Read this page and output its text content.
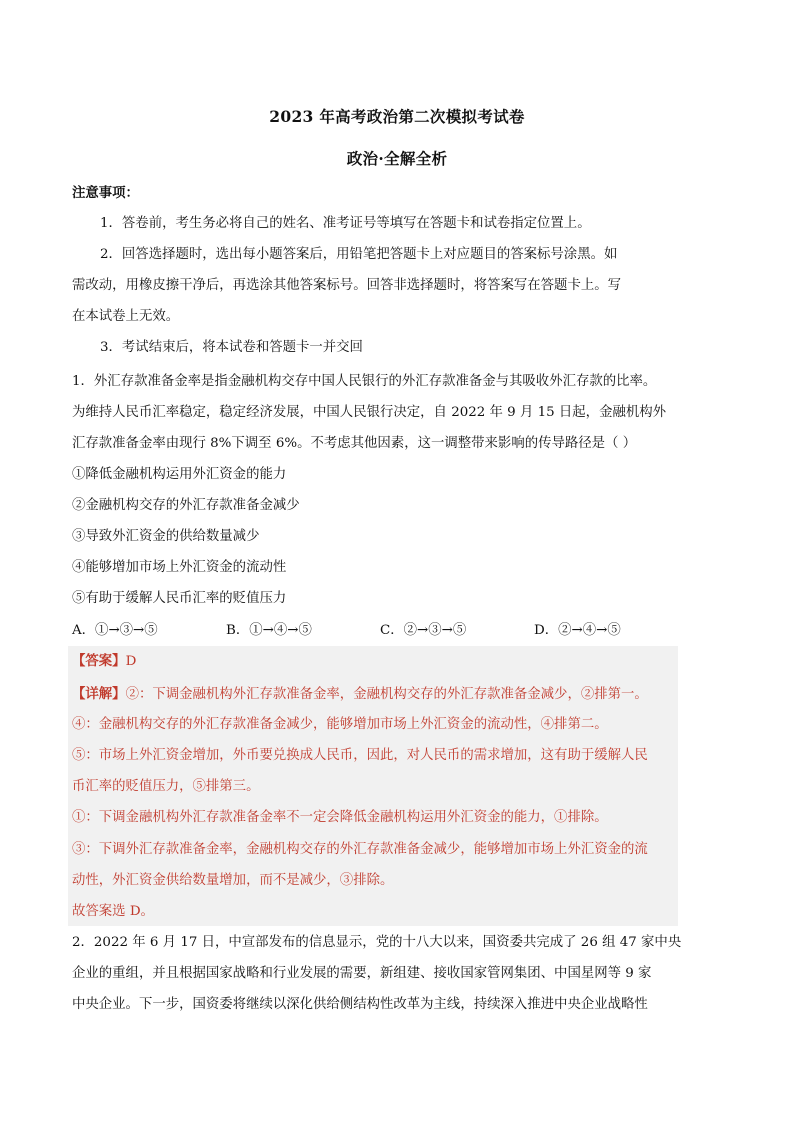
2023 年高考政治第二次模拟考试卷
政治·全解全析
注意事项：
1．答卷前，考生务必将自己的姓名、准考证号等填写在答题卡和试卷指定位置上。
2．回答选择题时，选出每小题答案后，用铅笔把答题卡上对应题目的答案标号涂黑。如
需改动，用橡皮擦干净后，再选涂其他答案标号。回答非选择题时，将答案写在答题卡上。写
在本试卷上无效。
3．考试结束后，将本试卷和答题卡一并交回
1．外汇存款准备金率是指金融机构交存中国人民银行的外汇存款准备金与其吸收外汇存款的比率。
为维持人民币汇率稳定，稳定经济发展，中国人民银行决定，自 2022 年 9 月 15 日起，金融机构外
汇存款准备金率由现行 8%下调至 6%。不考虑其他因素，这一调整带来影响的传导路径是（ ）
①降低金融机构运用外汇资金的能力
②金融机构交存的外汇存款准备金减少
③导致外汇资金的供给数量减少
④能够增加市场上外汇资金的流动性
⑤有助于缓解人民币汇率的贬值压力
A．①→③→⑤	B．①→④→⑤	C．②→③→⑤	D．②→④→⑤
【答案】D
【详解】②：下调金融机构外汇存款准备金率，金融机构交存的外汇存款准备金减少，②排第一。
④：金融机构交存的外汇存款准备金减少，能够增加市场上外汇资金的流动性，④排第二。
⑤：市场上外汇资金增加，外币要兑换成人民币，因此，对人民币的需求增加，这有助于缓解人民
币汇率的贬值压力，⑤排第三。
①：下调金融机构外汇存款准备金率不一定会降低金融机构运用外汇资金的能力，①排除。
③：下调外汇存款准备金率，金融机构交存的外汇存款准备金减少，能够增加市场上外汇资金的流
动性，外汇资金供给数量增加，而不是减少，③排除。
故答案选 D。
2．2022 年 6 月 17 日，中宣部发布的信息显示，党的十八大以来，国资委共完成了 26 组 47 家中央
企业的重组，并且根据国家战略和行业发展的需要，新组建、接收国家管网集团、中国星网等 9 家
中央企业。下一步，国资委将继续以深化供给侧结构性改革为主线，持续深入推进中央企业战略性
